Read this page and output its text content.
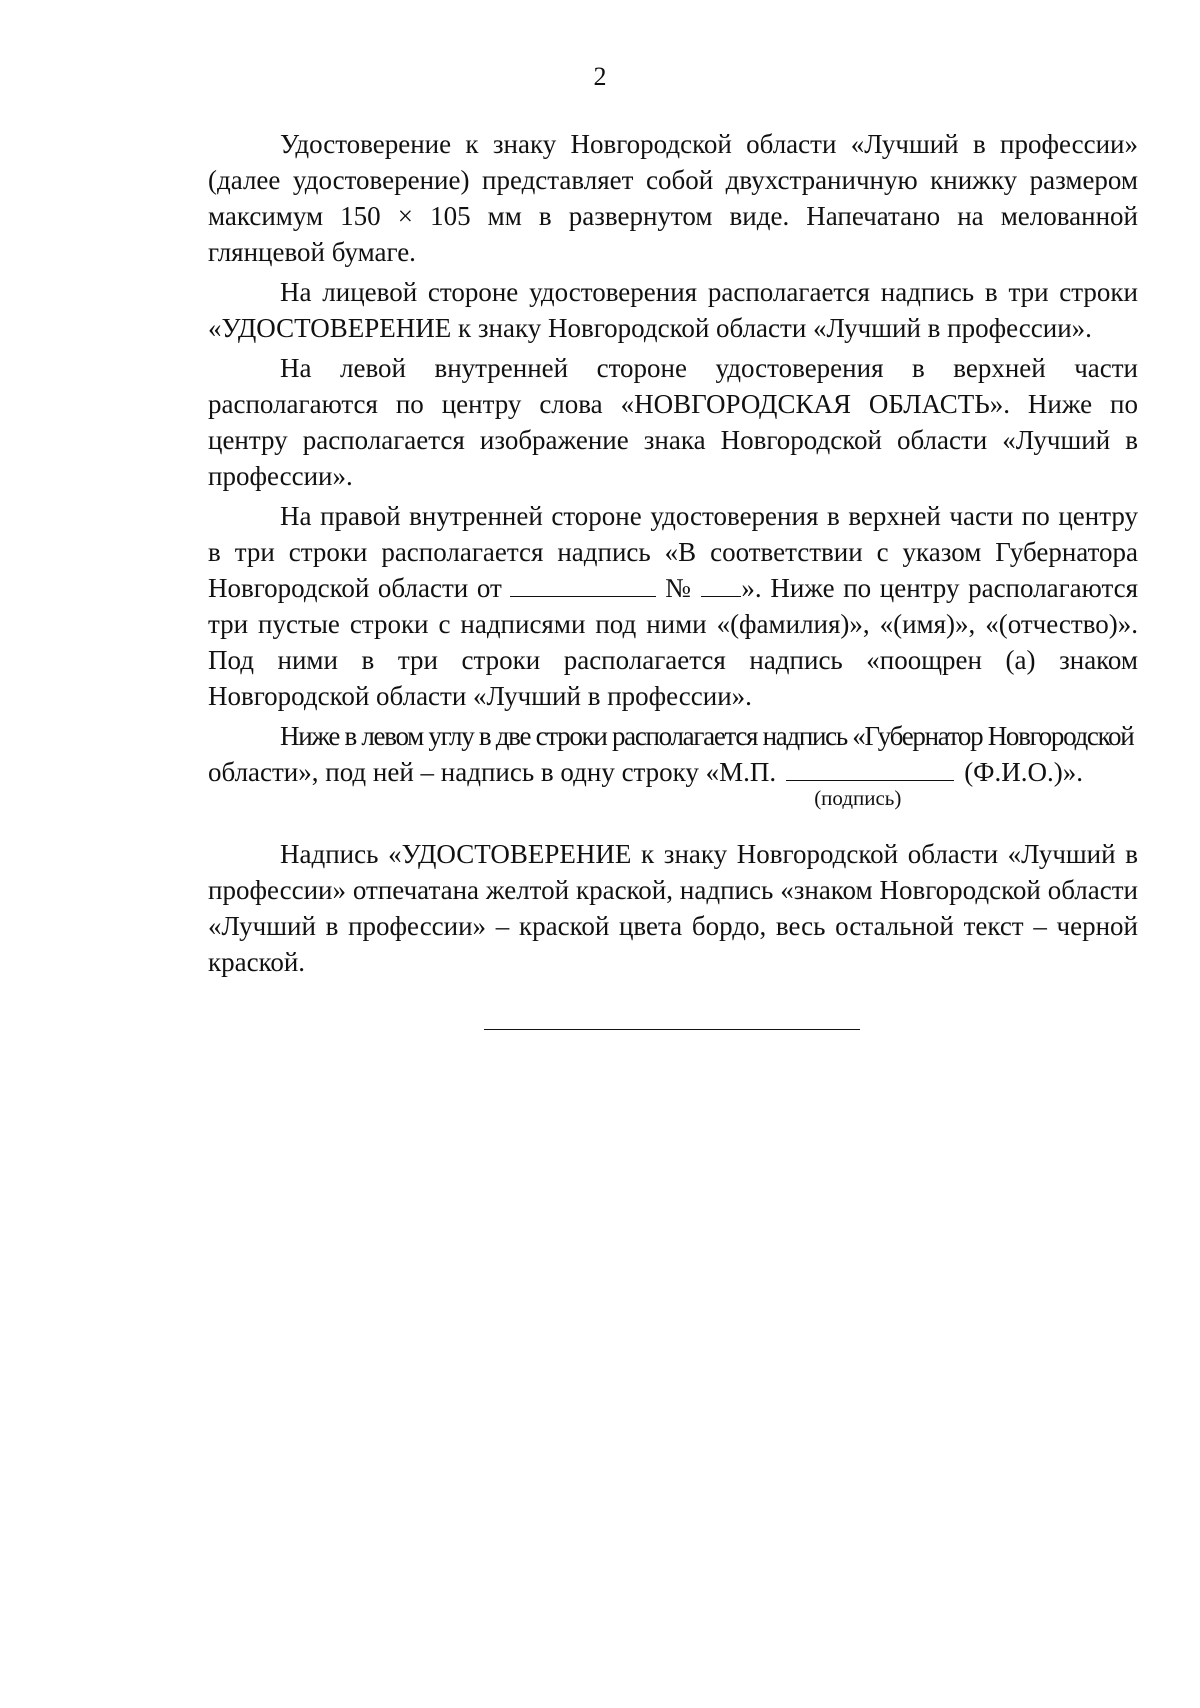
2

Удостоверение к знаку Новгородской области «Лучший в профессии» (далее удостоверение) представляет собой двухстраничную книжку размером максимум 150 × 105 мм в развернутом виде. Напечатано на мелованной глянцевой бумаге.

На лицевой стороне удостоверения располагается надпись в три строки «УДОСТОВЕРЕНИЕ к знаку Новгородской области «Лучший в профессии».

На левой внутренней стороне удостоверения в верхней части располагаются по центру слова «НОВГОРОДСКАЯ ОБЛАСТЬ». Ниже по центру располагается изображение знака Новгородской области «Лучший в профессии».

На правой внутренней стороне удостоверения в верхней части по центру в три строки располагается надпись «В соответствии с указом Губернатора Новгородской области от	№ ». Ниже по центру располагаются три пустые строки с надписями под ними «(фамилия)», «(имя)», «(отчество)». Под ними в три строки располагается надпись «поощрен (а) знаком Новгородской области «Лучший в профессии».

Ниже в левом углу в две строки располагается надпись «Губернатор Новгородской

области», под ней – надпись в одну строку «М.П.
(подпись)
(Ф.И.О.)».

Надпись «УДОСТОВЕРЕНИЕ к знаку Новгородской области «Лучший в профессии» отпечатана желтой краской, надпись «знаком Новгородской области «Лучший в профессии» – краской цвета бордо, весь остальной текст – черной краской.
